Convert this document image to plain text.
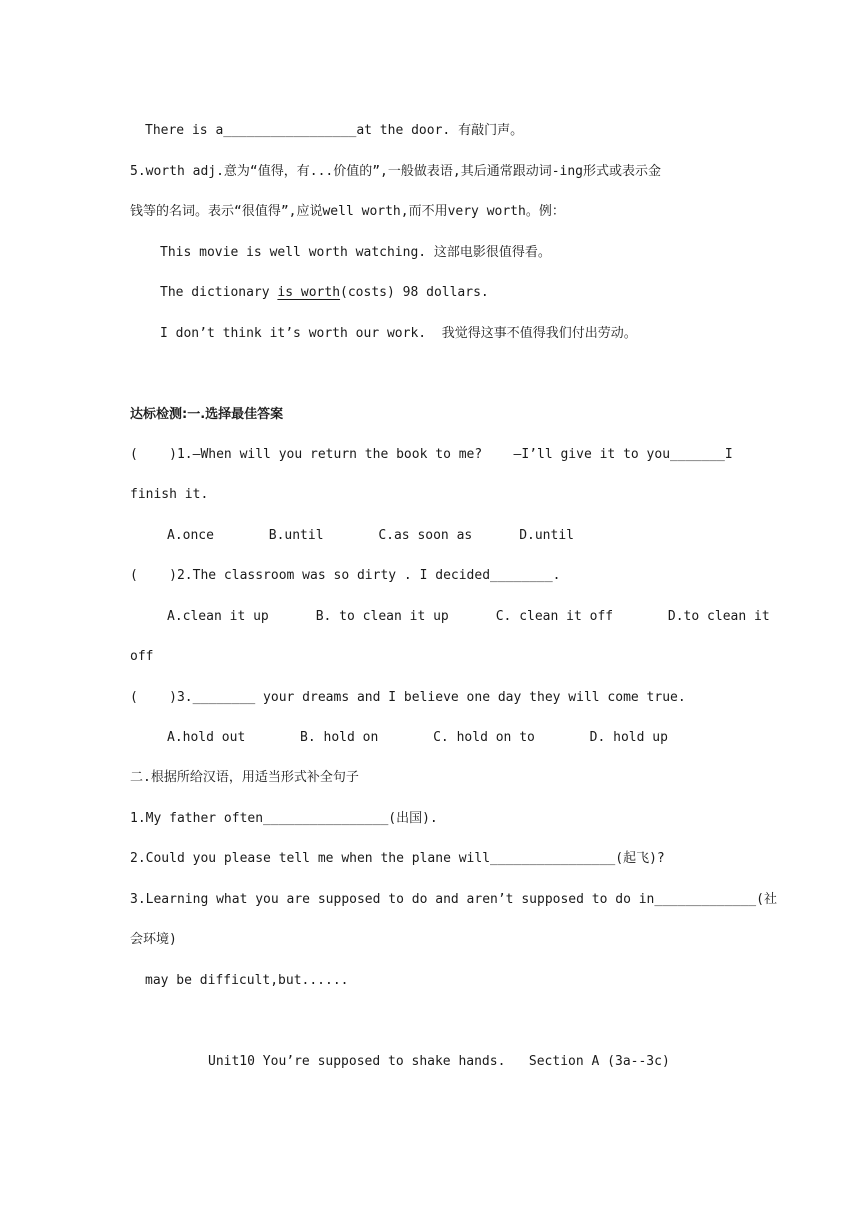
There is a_________________at the door. 有敲门声。
5.worth adj.意为“值得，有...价值的”,一般做表语,其后通常跟动词-ing形式或表示金
钱等的名词。表示“很值得”,应说well worth,而不用very worth。例：
This movie is well worth watching. 这部电影很值得看。
The dictionary is worth(costs) 98 dollars.
I don’t think it’s worth our work.  我觉得这事不值得我们付出劳动。
达标检测:一.选择最佳答案
(    )1.—When will you return the book to me?    —I’ll give it to you_______I
finish it.
A.once       B.until       C.as soon as      D.until
(    )2.The classroom was so dirty . I decided________.
A.clean it up      B. to clean it up      C. clean it off       D.to clean it
off
(    )3.________ your dreams and I believe one day they will come true.
A.hold out       B. hold on       C. hold on to       D. hold up
二.根据所给汉语，用适当形式补全句子
1.My father often________________(出国).
2.Could you please tell me when the plane will________________(起飞)?
3.Learning what you are supposed to do and aren’t supposed to do in_____________(社
会环境)
may be difficult,but......
Unit10 You’re supposed to shake hands.   Section A (3a--3c)
